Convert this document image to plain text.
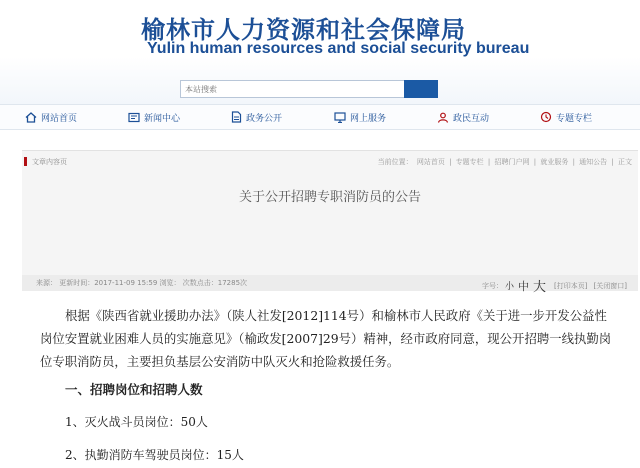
榆林市人力资源和社会保障局
Yulin human resources and social security bureau
本站搜索
网站首页	新闻中心	政务公开	网上服务	政民互动	专题专栏
文章内容页	当前位置： 网站首页 | 专题专栏 | 招聘门户网 | 就业服务 | 通知公告 | 正文
关于公开招聘专职消防员的公告
来源： 更新时间：2017-11-09 15:59 浏览： 次数点击：17285次	字号： 小 中 大 [打印本页] [关闭窗口]
根据《陕西省就业援助办法》（陕人社发[2012]114号）和榆林市人民政府《关于进一步开发公益性岗位安置就业困难人员的实施意见》（榆政发[2007]29号）精神，经市政府同意，现公开招聘一线执勤岗位专职消防员，主要担负基层公安消防中队灭火和抢险救援任务。
一、招聘岗位和招聘人数
1、灭火战斗员岗位：50人
2、执勤消防车驾驶员岗位：15人
